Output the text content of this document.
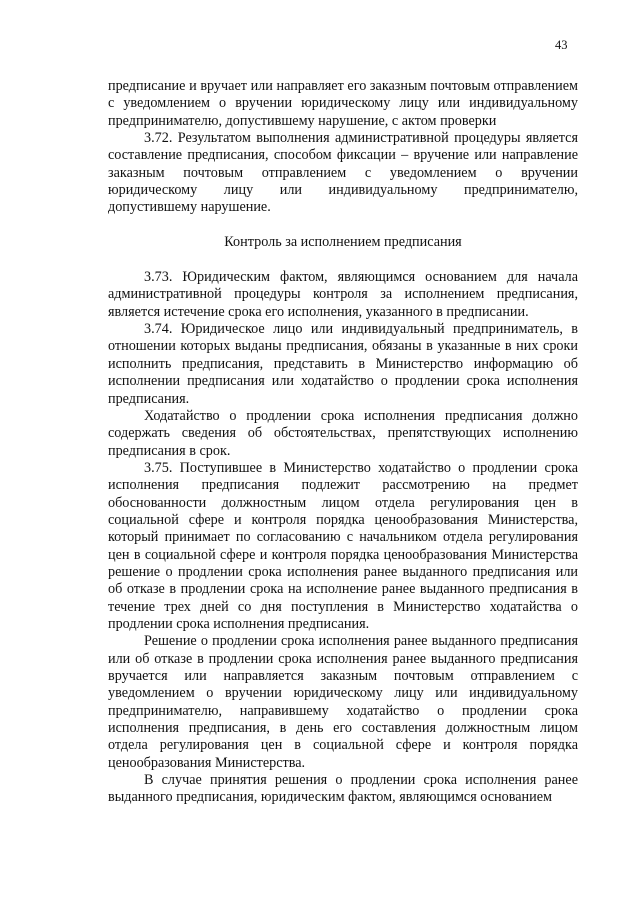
43

предписание и вручает или направляет его заказным почтовым отправлением с уведомлением о вручении юридическому лицу или индивидуальному предпринимателю, допустившему нарушение, с актом проверки

3.72. Результатом выполнения административной процедуры является составление предписания, способом фиксации – вручение или направление заказным почтовым отправлением с уведомлением о вручении юридическому лицу или индивидуальному предпринимателю, допустившему нарушение.

Контроль за исполнением предписания

3.73. Юридическим фактом, являющимся основанием для начала административной процедуры контроля за исполнением предписания, является истечение срока его исполнения, указанного в предписании.

3.74. Юридическое лицо или индивидуальный предприниматель, в отношении которых выданы предписания, обязаны в указанные в них сроки исполнить предписания, представить в Министерство информацию об исполнении предписания или ходатайство о продлении срока исполнения предписания.

Ходатайство о продлении срока исполнения предписания должно содержать сведения об обстоятельствах, препятствующих исполнению предписания в срок.

3.75. Поступившее в Министерство ходатайство о продлении срока исполнения предписания подлежит рассмотрению на предмет обоснованности должностным лицом отдела регулирования цен в социальной сфере и контроля порядка ценообразования Министерства, который принимает по согласованию с начальником отдела регулирования цен в социальной сфере и контроля порядка ценообразования Министерства решение о продлении срока исполнения ранее выданного предписания или об отказе в продлении срока на исполнение ранее выданного предписания в течение трех дней со дня поступления в Министерство ходатайства о продлении срока исполнения предписания.

Решение о продлении срока исполнения ранее выданного предписания или об отказе в продлении срока исполнения ранее выданного предписания вручается или направляется заказным почтовым отправлением с уведомлением о вручении юридическому лицу или индивидуальному предпринимателю, направившему ходатайство о продлении срока исполнения предписания, в день его составления должностным лицом отдела регулирования цен в социальной сфере и контроля порядка ценообразования Министерства.

В случае принятия решения о продлении срока исполнения ранее выданного предписания, юридическим фактом, являющимся основанием
